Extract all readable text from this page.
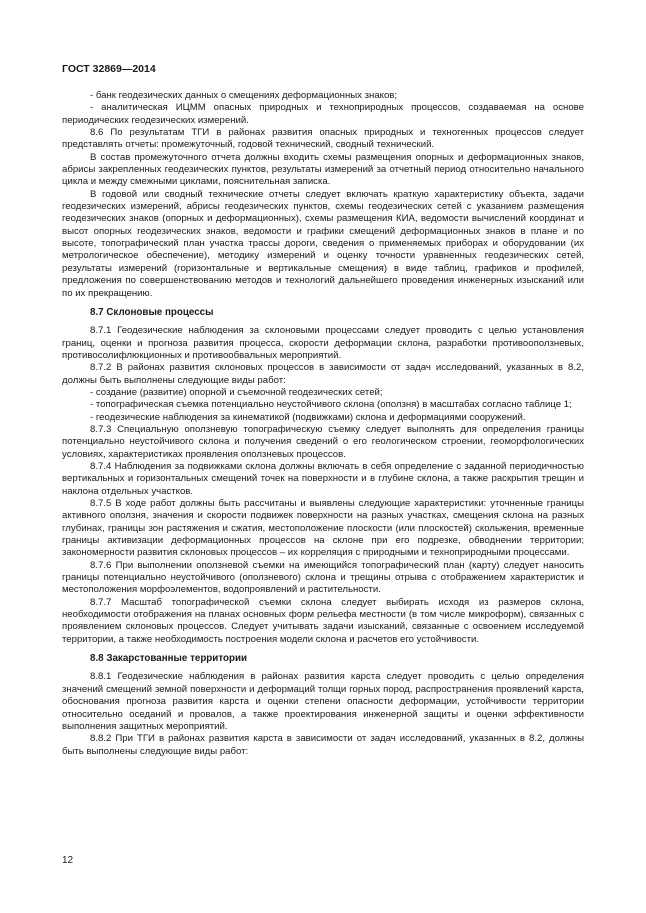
ГОСТ 32869—2014

- банк геодезических данных о смещениях деформационных знаков;

- аналитическая ИЦММ опасных природных и технoприродных процессов, создаваемая на основе периодических геодезических измерений.

8.6 По результатам ТГИ в районах развития опасных природных и техногенных процессов следует представлять отчеты: промежуточный, годовой технический, сводный технический.

В состав промежуточного отчета должны входить схемы размещения опорных и деформационных знаков, абрисы закрепленных геодезических пунктов, результаты измерений за отчетный период относительно начального цикла и между смежными циклами, пояснительная записка.

В годовой или сводный технические отчеты следует включать краткую характеристику объекта, задачи геодезических измерений, абрисы геодезических пунктов, схемы геодезических сетей с указанием размещения геодезических знаков (опорных и деформационных), схемы размещения КИА, ведомости вычислений координат и высот опорных геодезических знаков, ведомости и графики смещений деформационных знаков в плане и по высоте, топографический план участка трассы дороги, сведения о применяемых приборах и оборудовании (их метрологическое обеспечение), методику измерений и оценку точности уравненных геодезических сетей, результаты измерений (горизонтальные и вертикальные смещения) в виде таблиц, графиков и профилей, предложения по совершенствованию методов и технологий дальнейшего проведения инженерных изысканий или по их прекращению.

8.7 Склоновые процессы

8.7.1 Геодезические наблюдения за склоновыми процессами следует проводить с целью установления границ, оценки и прогноза развития процесса, скорости деформации склона, разработки противооползневых, противосолифлюкционных и противообвальных мероприятий.

8.7.2 В районах развития склоновых процессов в зависимости от задач исследований, указанных в 8.2, должны быть выполнены следующие виды работ:

- создание (развитие) опорной и съемочной геодезических сетей;

- топографическая съемка потенциально неустойчивого склона (оползня) в масштабах согласно таблице 1;

- геодезические наблюдения за кинематикой (подвижками) склона и деформациями сооружений.

8.7.3 Специальную оползневую топографическую съемку следует выполнять для определения границы потенциально неустойчивого склона и получения сведений о его геологическом строении, геоморфологических условиях, характеристиках проявления оползневых процессов.

8.7.4 Наблюдения за подвижками склона должны включать в себя определение с заданной периодичностью вертикальных и горизонтальных смещений точек на поверхности и в глубине склона, а также раскрытия трещин и наклона отдельных участков.

8.7.5 В ходе работ должны быть рассчитаны и выявлены следующие характеристики: уточненные границы активного оползня, значения и скорости подвижек поверхности на разных участках, смещения склона на разных глубинах, границы зон растяжения и сжатия, местоположение плоскости (или плоскостей) скольжения, временные границы активизации деформационных процессов на склоне при его подрезке, обводнении территории; закономерности развития склоновых процессов – их корреляция с природными и технoприродными процессами.

8.7.6 При выполнении оползневой съемки на имеющийся топографический план (карту) следует наносить границы потенциально неустойчивого (оползневого) склона и трещины отрыва с отображением характеристик и местоположения морфоэлементов, водопроявлений и растительности.

8.7.7 Масштаб топографической съемки склона следует выбирать исходя из размеров склона, необходимости отображения на планах основных форм рельефа местности (в том числе микроформ), связанных с проявлением склоновых процессов. Следует учитывать задачи изысканий, связанные с освоением исследуемой территории, а также необходимость построения модели склона и расчетов его устойчивости.

8.8 Закарстованные территории

8.8.1 Геодезические наблюдения в районах развития карста следует проводить с целью определения значений смещений земной поверхности и деформаций толщи горных пород, распространения проявлений карста, обоснования прогноза развития карста и оценки степени опасности деформации, устойчивости территории относительно оседаний и провалов, а также проектирования инженерной защиты и оценки эффективности выполнения защитных мероприятий.

8.8.2 При ТГИ в районах развития карста в зависимости от задач исследований, указанных в 8.2, должны быть выполнены следующие виды работ:

12
